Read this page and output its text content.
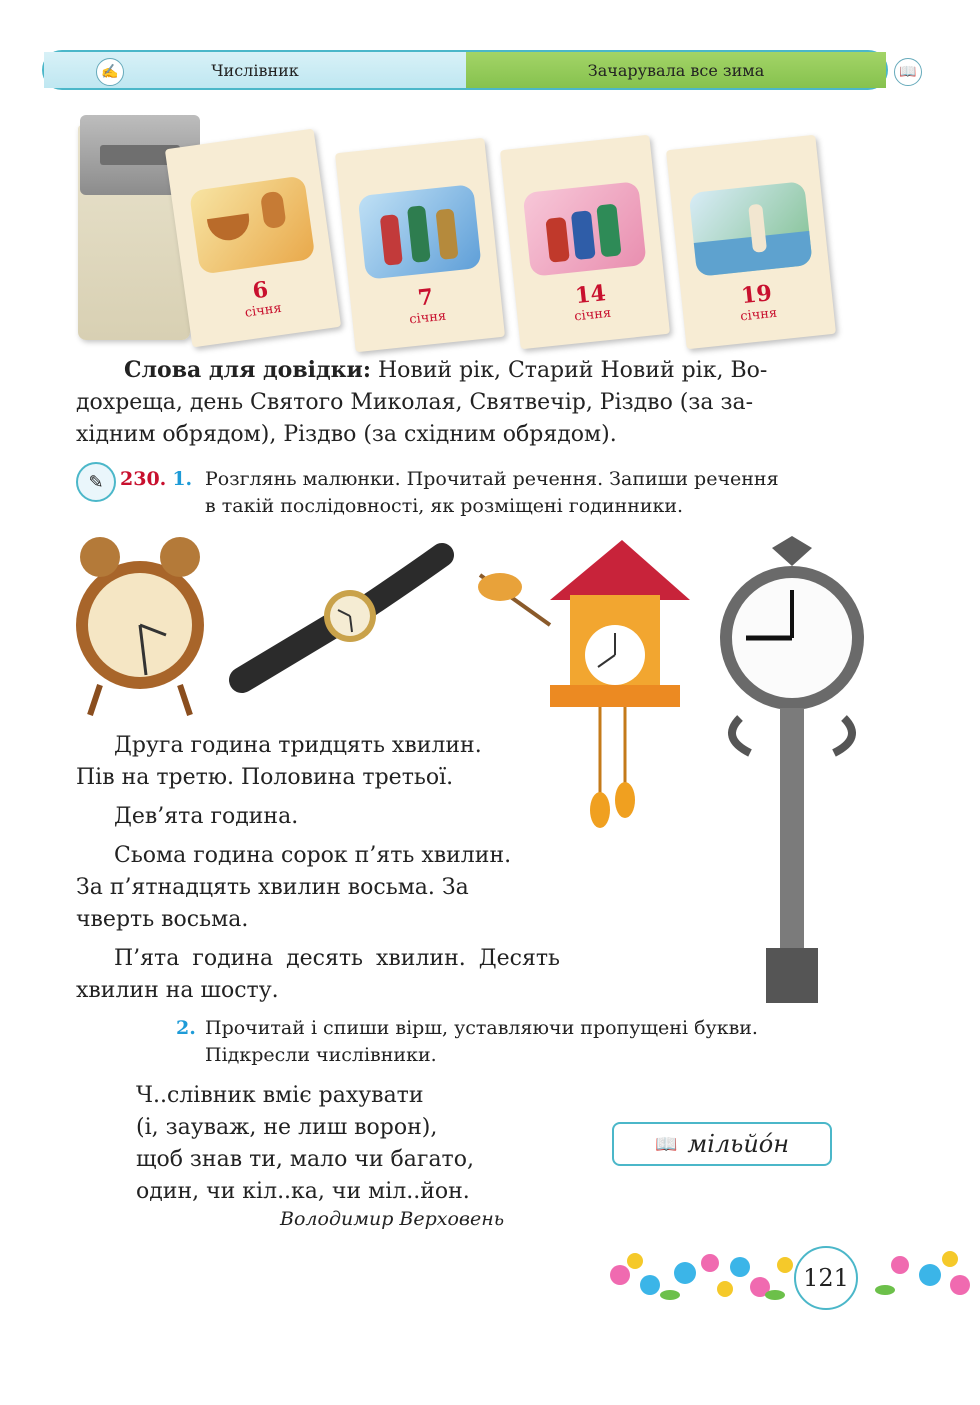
✍	Числівник	Зачарувала все зима	📖
6
січня	7
січня
14
січня
19
січня
Слова для довідки: Новий рік, Старий Новий рік, Во-
дохреща, день Святого Миколая, Святвечір, Різдво (за за-
хідним обрядом), Різдво (за східним обрядом).
✎ 230. 1. Розглянь малюнки. Прочитай речення. Запиши речення
в такій послідовності, як розміщені годинники.
Друга година тридцять хвилин.
Пів на третю. Половина третьої.
Дев’ята година.
Сьома година сорок п’ять хвилин.
За п’ятнадцять хвилин восьма. За
чверть восьма.
П’ята година десять хвилин. Десять
хвилин на шосту.
2. Прочитай і спиши вірш, уставляючи пропущені букви.
Підкресли числівники.
Ч..слівник вміє рахувати
(і, зауваж, не лиш ворон),
щоб знав ти, мало чи багато,
один, чи кіл..ка, чи міл..йон.
Володимир Верховень
📖 мільйо́н
121
